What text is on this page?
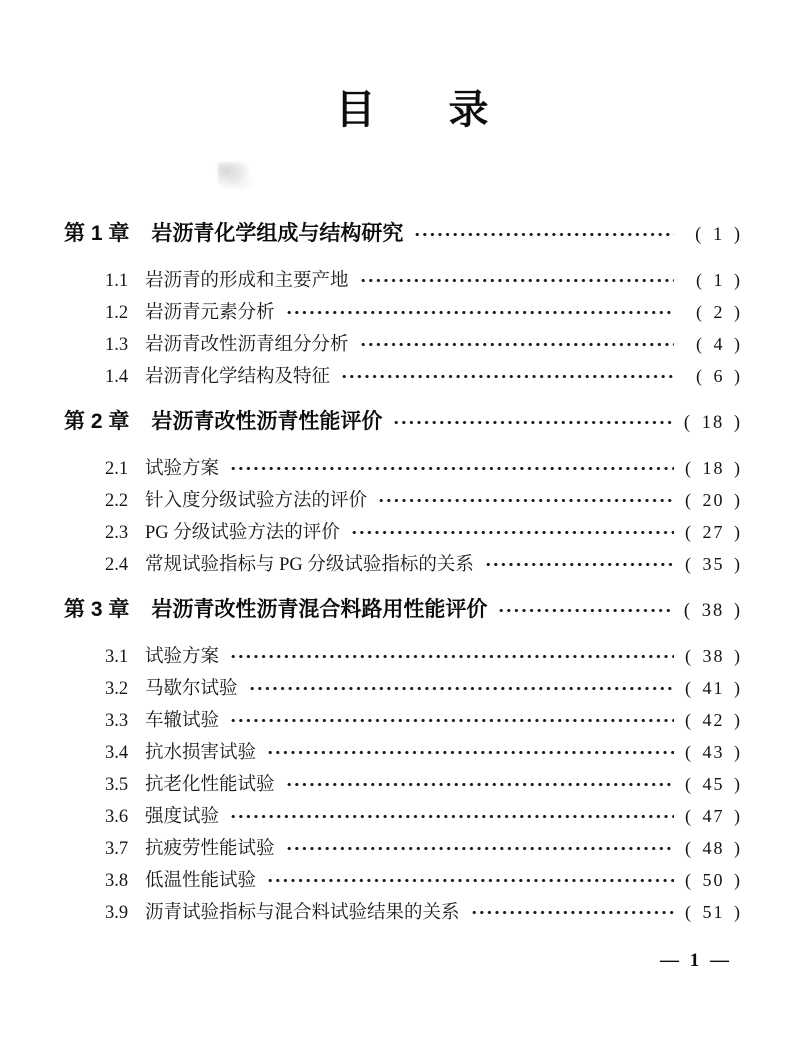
目 录
第 1 章 岩沥青化学组成与结构研究	( 1 )
1.1 岩沥青的形成和主要产地	( 1 )
1.2 岩沥青元素分析	( 2 )
1.3 岩沥青改性沥青组分分析	( 4 )
1.4 岩沥青化学结构及特征	( 6 )
第 2 章 岩沥青改性沥青性能评价	( 18 )
2.1 试验方案	( 18 )
2.2 针入度分级试验方法的评价	( 20 )
2.3 PG 分级试验方法的评价	( 27 )
2.4 常规试验指标与 PG 分级试验指标的关系	( 35 )
第 3 章 岩沥青改性沥青混合料路用性能评价	( 38 )
3.1 试验方案	( 38 )
3.2 马歇尔试验	( 41 )
3.3 车辙试验	( 42 )
3.4 抗水损害试验	( 43 )
3.5 抗老化性能试验	( 45 )
3.6 强度试验	( 47 )
3.7 抗疲劳性能试验	( 48 )
3.8 低温性能试验	( 50 )
3.9 沥青试验指标与混合料试验结果的关系	( 51 )
— 1 —
